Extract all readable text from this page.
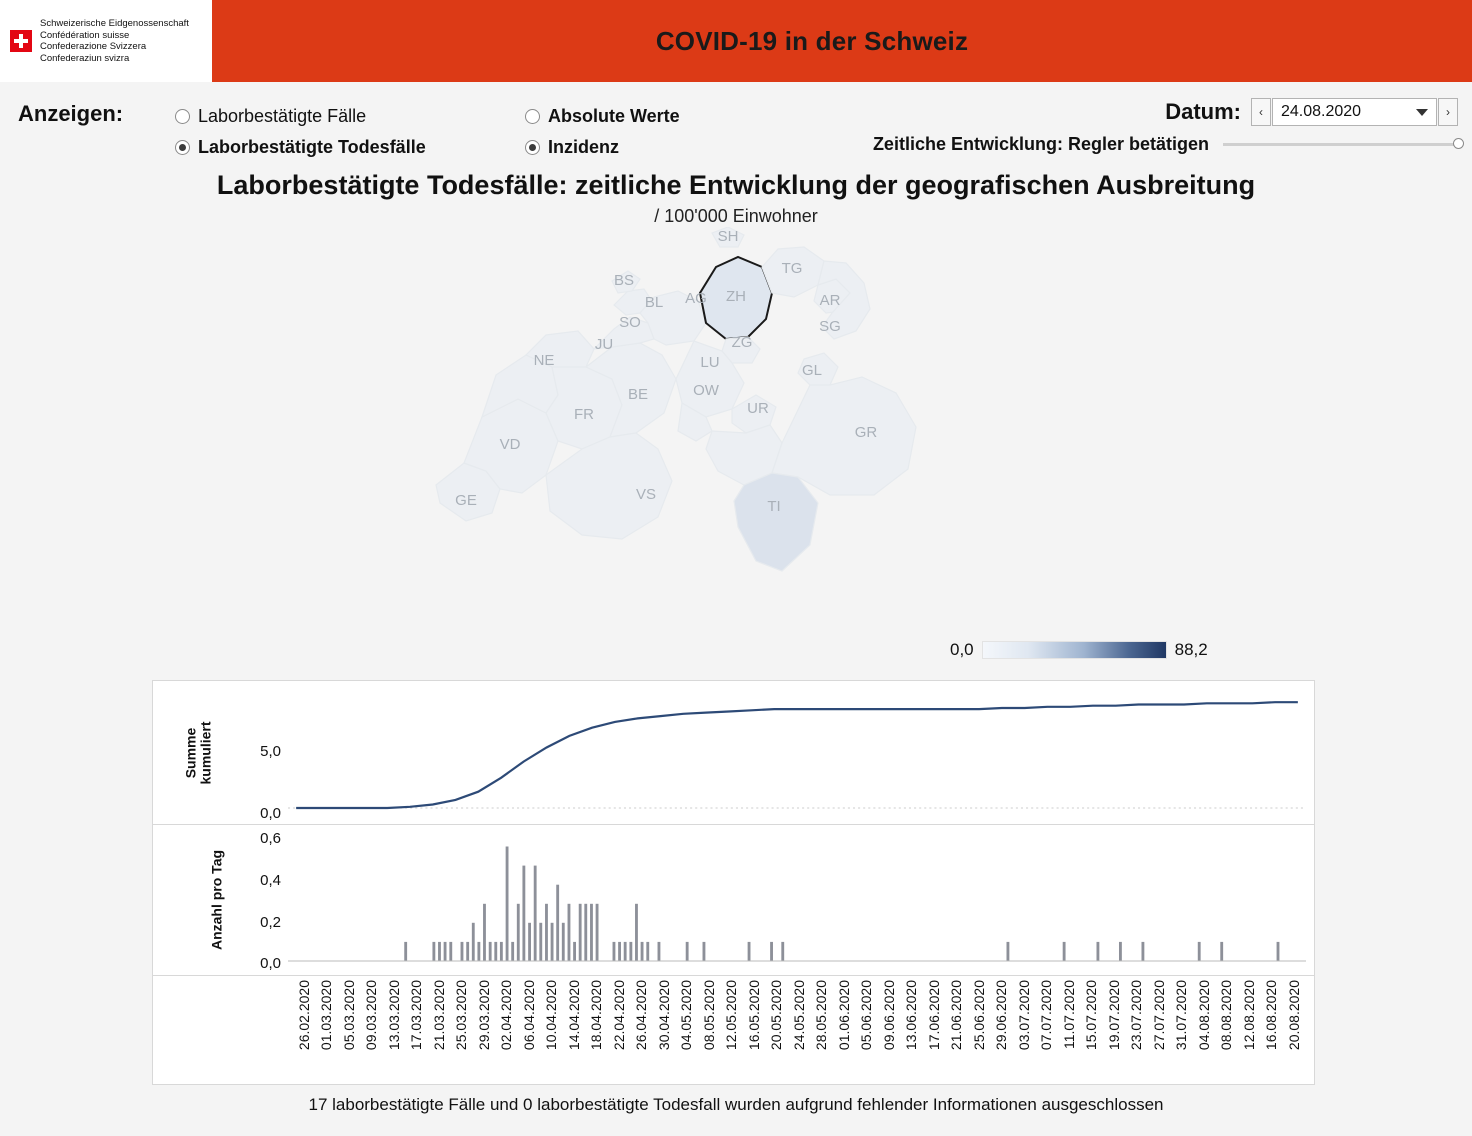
Schweizerische Eidgenossenschaft
Confédération suisse
Confederazione Svizzera
Confederaziun svizra
COVID-19 in der Schweiz
Anzeigen:	Laborbestätigte Fälle
Laborbestätigte Todesfälle
Absolute Werte
Inzidenz
Datum:	‹	24.08.2020	›
Zeitliche Entwicklung: Regler betätigen
Laborbestätigte Todesfälle: zeitliche Entwicklung der geografischen Ausbreitung
/ 100'000 Einwohner
SH
BS
BL
TG
JU
AG ZH	AR
SO	SG
NE
ZG
LU	GL
OW
FR
BE
UR
VD
GR
GE	VS
TI
0,0	88,2
Summe kumuliert	5,0
0,0
Anzahl pro Tag
0,6
0,4
0,2
0,0
26.02.2020 01.03.2020 05.03.2020 09.03.2020 13.03.2020 17.03.2020 21.03.2020 25.03.2020 29.03.2020 02.04.2020 06.04.2020 10.04.2020 14.04.2020 18.04.2020 22.04.2020 26.04.2020 30.04.2020 04.05.2020 08.05.2020 12.05.2020 16.05.2020 20.05.2020 24.05.2020 28.05.2020 01.06.2020 05.06.2020 09.06.2020 13.06.2020 17.06.2020 21.06.2020 25.06.2020 29.06.2020 03.07.2020 07.07.2020 11.07.2020 15.07.2020 19.07.2020 23.07.2020 27.07.2020 31.07.2020 04.08.2020 08.08.2020 12.08.2020 16.08.2020 20.08.2020
17 laborbestätigte Fälle und 0 laborbestätigte Todesfall wurden aufgrund fehlender Informationen ausgeschlossen
